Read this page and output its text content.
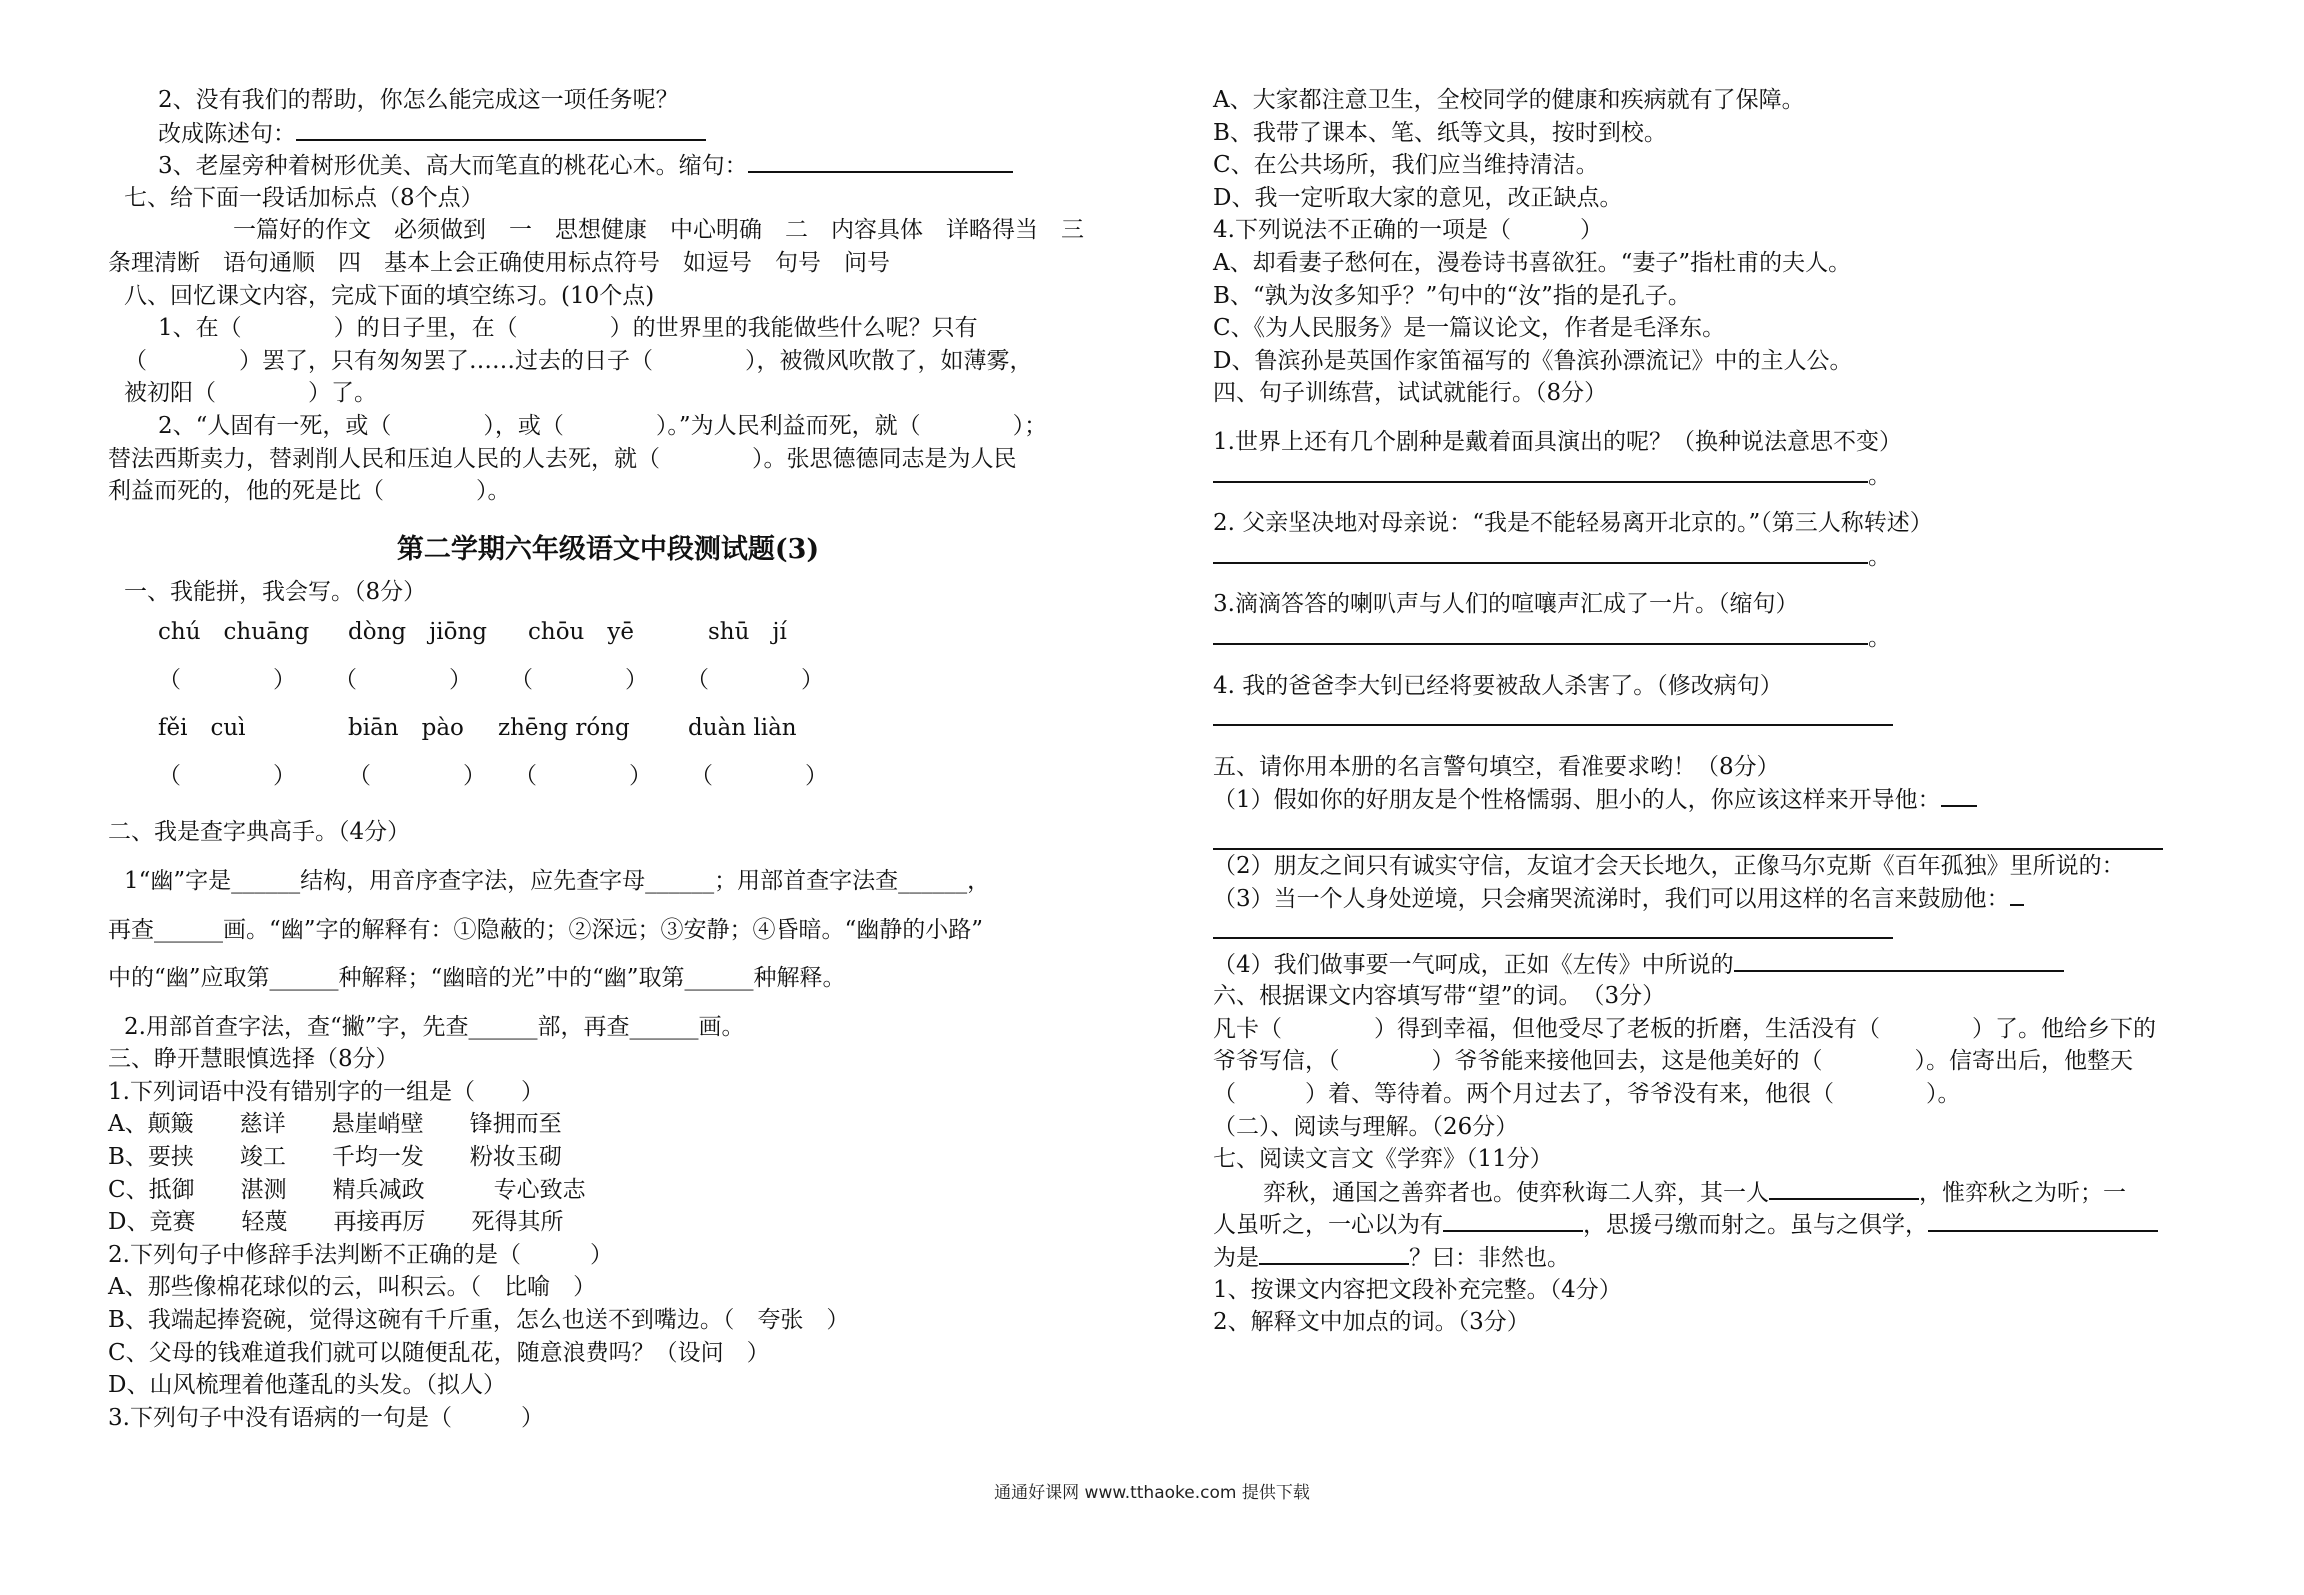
2、没有我们的帮助，你怎么能完成这一项任务呢？
改成陈述句：
3、老屋旁种着树形优美、高大而笔直的桃花心木。缩句：
七、给下面一段话加标点（8个点）
一篇好的作文　必须做到　一　思想健康　中心明确　二　内容具体　详略得当　三
条理清断　语句通顺　四　基本上会正确使用标点符号　如逗号　句号　问号
八、回忆课文内容，完成下面的填空练习。(10个点)
1、在（　　　　）的日子里，在（　　　　）的世界里的我能做些什么呢？只有
（　　　　）罢了，只有匆匆罢了……过去的日子（　　　　），被微风吹散了，如薄雾，
被初阳（　　　　）了。
2、“人固有一死，或（　　　　），或（　　　　）。”为人民利益而死，就（　　　　）；
替法西斯卖力，替剥削人民和压迫人民的人去死，就（　　　　）。张思德德同志是为人民
利益而死的，他的死是比（　　　　）。
第二学期六年级语文中段测试题(3)
一、我能拼，我会写。（8分）
chú　chuāng dòng　jiōng chōu　yē	shū　jí
（　　　　） （　　　　） （　　　　） （　　　　）
fěi　cuì	biān　pào zhēng róng	duàn liàn
（　　　　） （　　　　） （　　　　） （　　　　）
二、我是查字典高手。（4分）
1“幽”字是______结构，用音序查字法，应先查字母______；用部首查字法查______，
再查______画。“幽”字的解释有：①隐蔽的；②深远；③安静；④昏暗。“幽静的小路”
中的“幽”应取第______种解释；“幽暗的光”中的“幽”取第______种解释。
2.用部首查字法，查“撇”字，先查______部，再查______画。
三、睁开慧眼慎选择（8分）
1.下列词语中没有错别字的一组是（　　）
A、颠簸　　慈详　　悬崖峭壁　　锋拥而至
B、要挟　　竣工　　千均一发　　粉妆玉砌
C、抵御　　湛测　　精兵减政　　　专心致志
D、竞赛　　轻蔑　　再接再厉　　死得其所
2.下列句子中修辞手法判断不正确的是（　　　）
A、那些像棉花球似的云，叫积云。（　比喻　）
B、我端起捧瓷碗，觉得这碗有千斤重，怎么也送不到嘴边。（　夸张　）
C、父母的钱难道我们就可以随便乱花，随意浪费吗？（设问　）
D、山风梳理着他蓬乱的头发。（拟人）
3.下列句子中没有语病的一句是（　　　）
A、大家都注意卫生，全校同学的健康和疾病就有了保障。
B、我带了课本、笔、纸等文具，按时到校。
C、在公共场所，我们应当维持清洁。
D、我一定听取大家的意见，改正缺点。
4.下列说法不正确的一项是（　　　）
A、却看妻子愁何在，漫卷诗书喜欲狂。“妻子”指杜甫的夫人。
B、“孰为汝多知乎？”句中的“汝”指的是孔子。
C、《为人民服务》是一篇议论文，作者是毛泽东。
D、鲁滨孙是英国作家笛福写的《鲁滨孙漂流记》中的主人公。
四、句子训练营，试试就能行。（8分）
1.世界上还有几个剧种是戴着面具演出的呢？（换种说法意思不变）
。
2. 父亲坚决地对母亲说：“我是不能轻易离开北京的。”（第三人称转述）
。
3.滴滴答答的喇叭声与人们的喧嚷声汇成了一片。（缩句）
。
4. 我的爸爸李大钊已经将要被敌人杀害了。（修改病句）
五、请你用本册的名言警句填空，看准要求哟！（8分）
（1）假如你的好朋友是个性格懦弱、胆小的人，你应该这样来开导他：
（2）朋友之间只有诚实守信，友谊才会天长地久，正像马尔克斯《百年孤独》里所说的：
（3）当一个人身处逆境，只会痛哭流涕时，我们可以用这样的名言来鼓励他：
（4）我们做事要一气呵成，正如《左传》中所说的
六、根据课文内容填写带“望”的词。　（3分）
凡卡（　　　　）得到幸福，但他受尽了老板的折磨，生活没有（　　　　）了。他给乡下的
爷爷写信，（　　　　）爷爷能来接他回去，这是他美好的（　　　　）。信寄出后，他整天
（　　　）着、等待着。两个月过去了，爷爷没有来，他很（　　　　）。
（二）、阅读与理解。（26分）
七、阅读文言文《学弈》（11分）
弈秋，通国之善弈者也。使弈秋诲二人弈，其一人	，惟弈秋之为听；一
人虽听之，一心以为有	，思援弓缴而射之。虽与之俱学，
为是	？曰：非然也。
1、按课文内容把文段补充完整。（4分）
2、解释文中加点的词。（3分）
通通好课网 www.tthaoke.com 提供下载
